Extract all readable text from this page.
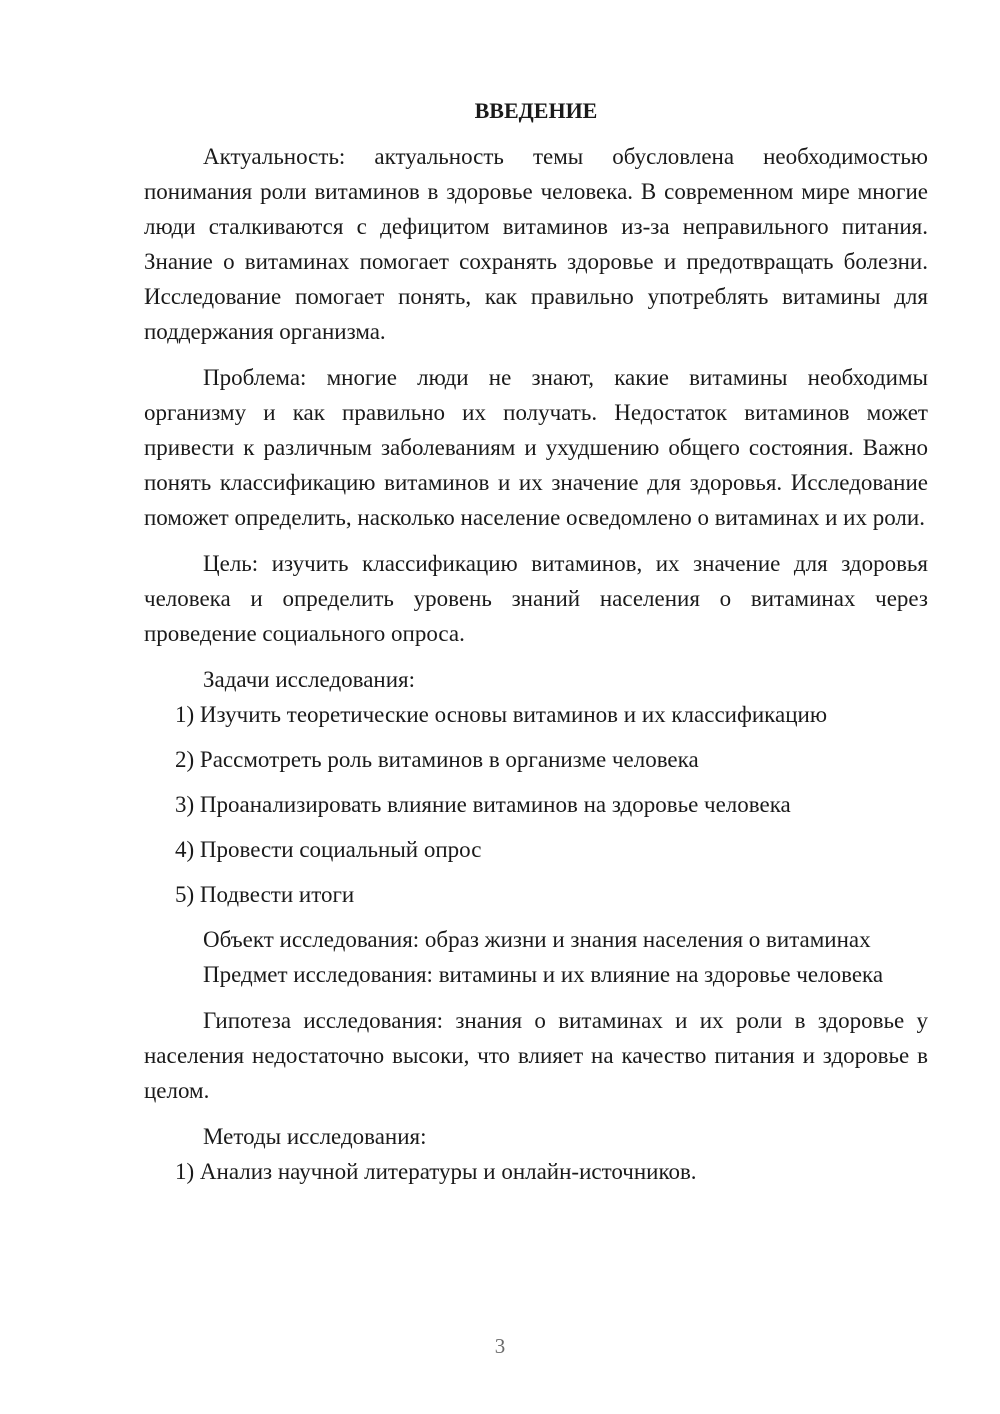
ВВЕДЕНИЕ

Актуальность: актуальность темы обусловлена необходимостью понимания роли витаминов в здоровье человека. В современном мире многие люди сталкиваются с дефицитом витаминов из-за неправильного питания. Знание о витаминах помогает сохранять здоровье и предотвращать болезни. Исследование помогает понять, как правильно употреблять витамины для поддержания организма.

Проблема: многие люди не знают, какие витамины необходимы организму и как правильно их получать. Недостаток витаминов может привести к различным заболеваниям и ухудшению общего состояния. Важно понять классификацию витаминов и их значение для здоровья. Исследование поможет определить, насколько население осведомлено о витаминах и их роли.

Цель: изучить классификацию витаминов, их значение для здоровья человека и определить уровень знаний населения о витаминах через проведение социального опроса.

Задачи исследования:

1) Изучить теоретические основы витаминов и их классификацию

2) Рассмотреть роль витаминов в организме человека

3) Проанализировать влияние витаминов на здоровье человека

4) Провести социальный опрос

5) Подвести итоги

Объект исследования: образ жизни и знания населения о витаминах

Предмет исследования: витамины и их влияние на здоровье человека

Гипотеза исследования: знания о витаминах и их роли в здоровье у населения недостаточно высоки, что влияет на качество питания и здоровье в целом.

Методы исследования:

1) Анализ научной литературы и онлайн-источников.

3
